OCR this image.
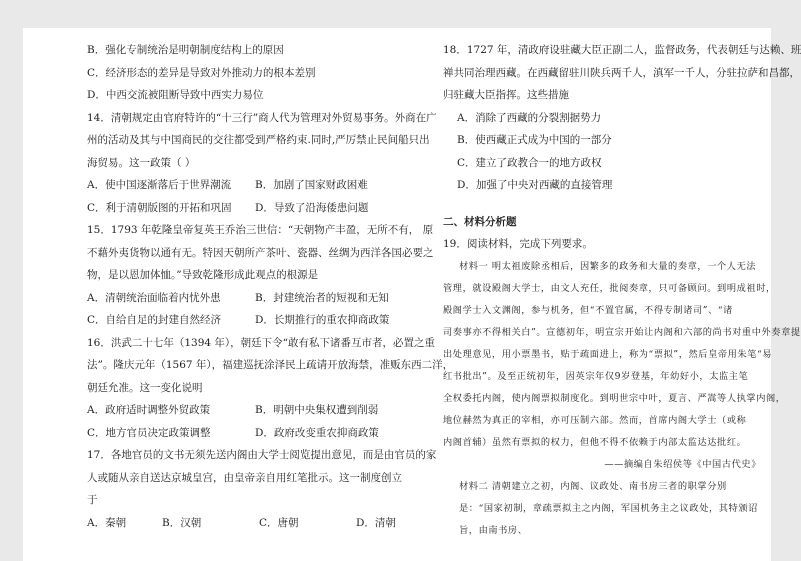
B．强化专制统治是明朝制度结构上的原因
C．经济形态的差异是导致对外推动力的根本差别
D．中西交流被阻断导致中西实力易位
14．清朝规定由官府特许的“十三行”商人代为管理对外贸易事务。外商在广
州的活动及其与中国商民的交往都受到严格约束.同时,严厉禁止民间船只出
海贸易。这一政策（ ）
A．使中国逐渐落后于世界潮流	B．加剧了国家财政困难
C．利于清朝版图的开拓和巩固	D．导致了沿海倭患问题
15．1793 年乾隆皇帝复英王乔治三世信：“天朝物产丰盈，无所不有， 原
不藉外夷货物以通有无。特因天朝所产茶叶、瓷器、丝绸为西洋各国必要之
物，是以恩加体恤。”导致乾隆形成此观点的根源是
A．清朝统治面临着内忧外患	B．封建统治者的短视和无知
C．自给自足的封建自然经济	D．长期推行的重农抑商政策
16．洪武二十七年（1394 年），朝廷下令“敢有私下诸番互市者，必置之重
法”。隆庆元年（1567 年），福建巡抚涂泽民上疏请开放海禁，准贩东西二洋，
朝廷允准。这一变化说明
A．政府适时调整外贸政策	B．明朝中央集权遭到削弱
C．地方官员决定政策调整	D．政府改变重农抑商政策
17．各地官员的文书无须先送内阁由大学士阅览提出意见，而是由官员的家
人或随从亲自送达京城皇宫，由皇帝亲自用红笔批示。这一制度创立
于
A．秦朝	B．汉朝	C．唐朝	D．清朝
18．1727 年，清政府设驻藏大臣正副二人，监督政务，代表朝廷与达赖、班
禅共同治理西藏。在西藏留驻川陕兵两千人，滇军一千人，分驻拉萨和昌都，
归驻藏大臣指挥。这些措施
A．消除了西藏的分裂割据势力
B．使西藏正式成为中国的一部分
C．建立了政教合一的地方政权
D．加强了中央对西藏的直接管理
二、材料分析题
19．阅读材料，完成下列要求。
材料一 明太祖废除丞相后，因繁多的政务和大量的奏章，一个人无法
管理，就设殿阁大学士，由文人充任，批阅奏章，只可备顾问。到明成祖时，
殿阁学士入文渊阁，参与机务，但“不置官属，不得专制诸司”、“诸
司奏事亦不得相关白”。宣德初年，明宣宗开始让内阁和六部的尚书对重中外奏章提
出处理意见，用小票墨书，贴于疏面进上，称为“票拟”，然后皇帝用朱笔“易
红书批出”。及至正统初年，因英宗年仅9岁登基，年幼好小，太监主笔
全权委托内阁，使内阁票拟制度化。到明世宗中叶，夏言、严嵩等人执掌内阁，
地位赫然为真正的宰相，亦可压制六部。然而，首席内阁大学士（或称
内阁首辅）虽然有票拟的权力，但他不得不依赖于内部太监达达批红。
——摘编自朱绍侯等《中国古代史》
材料二 清朝建立之初，内阁、议政处、南书房三者的职掌分别是：“国家初制，章疏票拟主之内阁，军国机务主之议政处，其特颁诏旨，由南书房、
